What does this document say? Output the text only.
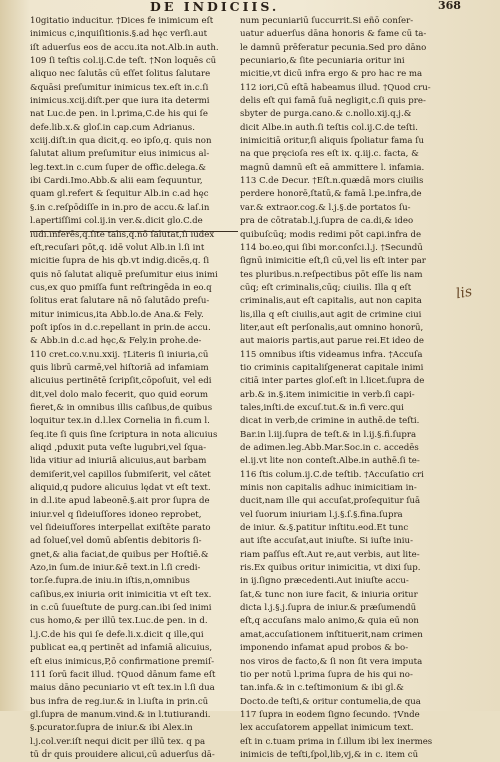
DE INDICIIS.	368
10gitatio inducitur. †Dices fe inimicum eſt
inimicus c,inquiſitionis.§.ad hęc verſi.aut
iſt aduerſus eos de accu.ita not.Alb.in auth.
109 ſi teſtis col.ij.C.de teſt. †Non loquēs cū
aliquo nec ſalutās cū eſſet ſolitus ſalutare
&quāsi preſumitur inimicus tex.eſt in.c.ſi
inimicus.xcij.diſt.per que iura ita determi
nat Luc.de pen. in l.prima,C.de his qui ſe
defe.lib.x.& gloſ.in cap.cum Adrianus.
xciij.diſt.in qua dicit,q. eo ipſo,q. quis non
ſalutat alium preſumitur eius inimicus al-
leg.text.in c.cum ſuper de offic.delega.&
ibi Cardi.Imo.Abb.& alii eam ſequuntur,
quam gl.refert & ſequitur Alb.in c.ad hęc
§.in c.reſpōdiſſe in in.pro de accu.& laſ.in
l.apertiſſimi col.ij.in ver.&.dicit glo.C.de
iudi.inferēs,q.ſite talis,q.nō ſalutat,ſi iudex
eſt,recuſari pōt,q. idē volut Alb.in l.ſi int
micitie ſupra de his qb.vt indig.dicēs,q. ſi
quis nō ſalutat aliquē preſumitur eius inimi
cus,ex quo pmiſſa funt reſtringēda in eo.q
ſolitus erat ſalutare nā nō ſalutādo preſu-
mitur inimicus,ita Abb.lo.de Ana.& Fely.
poſt ipſos in d.c.repellant in prin.de accu.
& Abb.in d.c.ad hęc,& Fely.in prohe.de-
110 cret.co.v.nu.xxij. †Literis ſi iniuria,cū
quis librū carmē,vel hiſtoriā ad infamiam
alicuius pertinētē ſcripſit,cōpoſuit, vel edi
dit,vel dolo malo fecerit, quo quid eorum
fieret,& in omnibus illis caſibus,de quibus
loquitur tex.in d.l.lex Cornelia in fi.cum l.
ſeq.ite ſi quis ſine ſcriptura in nota alicuius
aliqd ,pduxit puta veſte lugubri,vel ſqua-
lida vitiur ad iniuriā alicuius,aut barbam
demiſerit,vel capillos ſubmiſerit, vel cătet
aliquid,q pudore alicuius lędat vt eſt text.
in d.l.ite apud labeonē.§.ait pror ſupra de
iniur.vel q ſideiuſſores idoneo reprobet,
vel ſideiuſſores interpellat exiſtēte parato
ad ſolueſ,vel domū abſentis debitoris ſi-
gnet,& alia faciat,de quibus per Hoſtiē.&
Azo,in ſum.de iniur.&ē text.in l.ſi credi-
tor.ſe.fupra.de iniu.in iſtis,n,omnibus
caſibus,ex iniuria orit inimicitia vt eſt tex.
in c.cū ſuueſtute de purg.can.ibi ſed inimi
cus homo,& per illū tex.Luc.de pen. in d.
l.j.C.de his qui ſe defe.li.x.dicit q ille,qui
publicat ea,q pertinēt ad infamiā alicuius,
eſt eius inimicus,P,ō confirmatione premiſ-
111 ſorū facit illud. †Quod dānum fame eſt
maius dāno pecuniario vt eſt tex.in l.ſi dua
bus infra de reg.iur.& in l.iuſta in prin.cū
gl.ſupra de manum.vind.& in l.tutiurandi.
§.pcurator.ſupra de iniur.& ibi Alex.in
l.j.col.ver.iſt nequi dicit per illū tex. q pa
tū ḋr quis prouidere alicui,cū aduerſus dā-
num pecuniariū ſuccurrit.Si eñō conſer-
uatur aduerſus dāna honoris & fame cū ta-
le damnū prēferatur pecunia.Sed pro dāno
pecuniario,& ſite pecuniaria oritur ini
micitie,vt dicū infra ergo & pro hac re ma
112 iori,Cū eſtā habeamus illud. †Quod cru-
delis eſt qui famā ſuā negligit,c.ſi quis pre-
sbyter de purga.cano.& c.nollo.xij.q.j.&
dicit Albe.in auth.ſi teſtis col.ij.C.de teſti.
inimicitiā oritur,ſi aliquis ſpoliatur fama ſu
na que pręcioſa res eſt ix. q.iij.c. facta, &
magnū damnū eſt eā ammittere l. infamia.
113 C.de Decur. †Eſt.n.quædā mors ciuilis
perdere honorē,ſtatū,& famā l.pe.infra,de
var.& extraor.cog.& l.j.§.de portatos ſu-
pra de cōtratab.l,j.ſupra de ca.di,& ideo
quibuſcūq; modis redimi pōt capi.infra de
114 bo.eo,qui ſibi mor.conſci.l.j. †Secundū
ſignū inimicitie eſt,ſi cū,vel lis eſt inter par
tes pluribus.n.reſpectibus pōt eſſe lis nam
cūq; eſt criminalis,cūq; ciuilis. Illa q eſt
criminalis,aut eſt capitalis, aut non capita
lis,illa q eſt ciuilis,aut agit de crimine ciui
liter,aut eſt perſonalis,aut omnino honorū,
aut maioris partis,aut parue rei.Et ideo de
115 omnibus iſtis videamus infra. †Accuſa
tio criminis capitaliſgenerat capitale inimi
citiā inter partes gloſ.eſt in l.licet.ſupra de
arb.& in.§.item inimicitie in verb.ſi capi-
tales,inſti.de excuſ.tut.& in.fi verc.qui
dicat in verb,de crimine in authē.de teſti.
Bar.in l.iij.ſupra de teſt.& in l.ij.§.fi.ſupra
de adimen.leg.Abb.Mar.Soc.in c. accedēs
el.ij.vt lite non conteſt.Albe.in authē.ſi te-
116 ſtis colum.ij.C.de teſtib. †Accuſatio cri
minis non capitalis adhuc inimicitiam in-
ducit,nam ille qui accuſat,proſequitur ſuā
vel ſuorum iniuriam l.j.§.ſ.§.fina.ſupra
de iniur. &.§.patitur inſtitu.eod.Et tunc
aut iſte accuſat,aut iniuſte. Si iuſte iniu-
riam paſſus eſt.Aut re,aut verbis, aut lite-
ris.Ex quibus oritur inimicitia, vt dixi ſup.
in ij.ſigno præcedenti.Aut iniuſte accu-
ſat,& tunc non iure facit, & iniuria oritur
dicta l.j.§.j.ſupra de iniur.& præſumendū
eſt,q accuſans malo animo,& quia eū non
amat,accuſationem inſtituerit,nam crimen
imponendo infamat apud probos & bo-
nos viros de facto,& ſi non ſit vera imputa
tio per notū l.prima ſupra de his qui no-
tan.infa.& in c.teſtimonium & ibi gl.&
Docto.de teſti,& oritur contumelia,de qua
117 ſupra in eodem ſigno ſecundo. †Vnde
lex accuſatorem appellat inimicum text.
eſt in c.tuam prima in ſ.illum ibi lex inermes
inimicis de teſti,ſpol,lib,vj,& in c. item cū
lis
